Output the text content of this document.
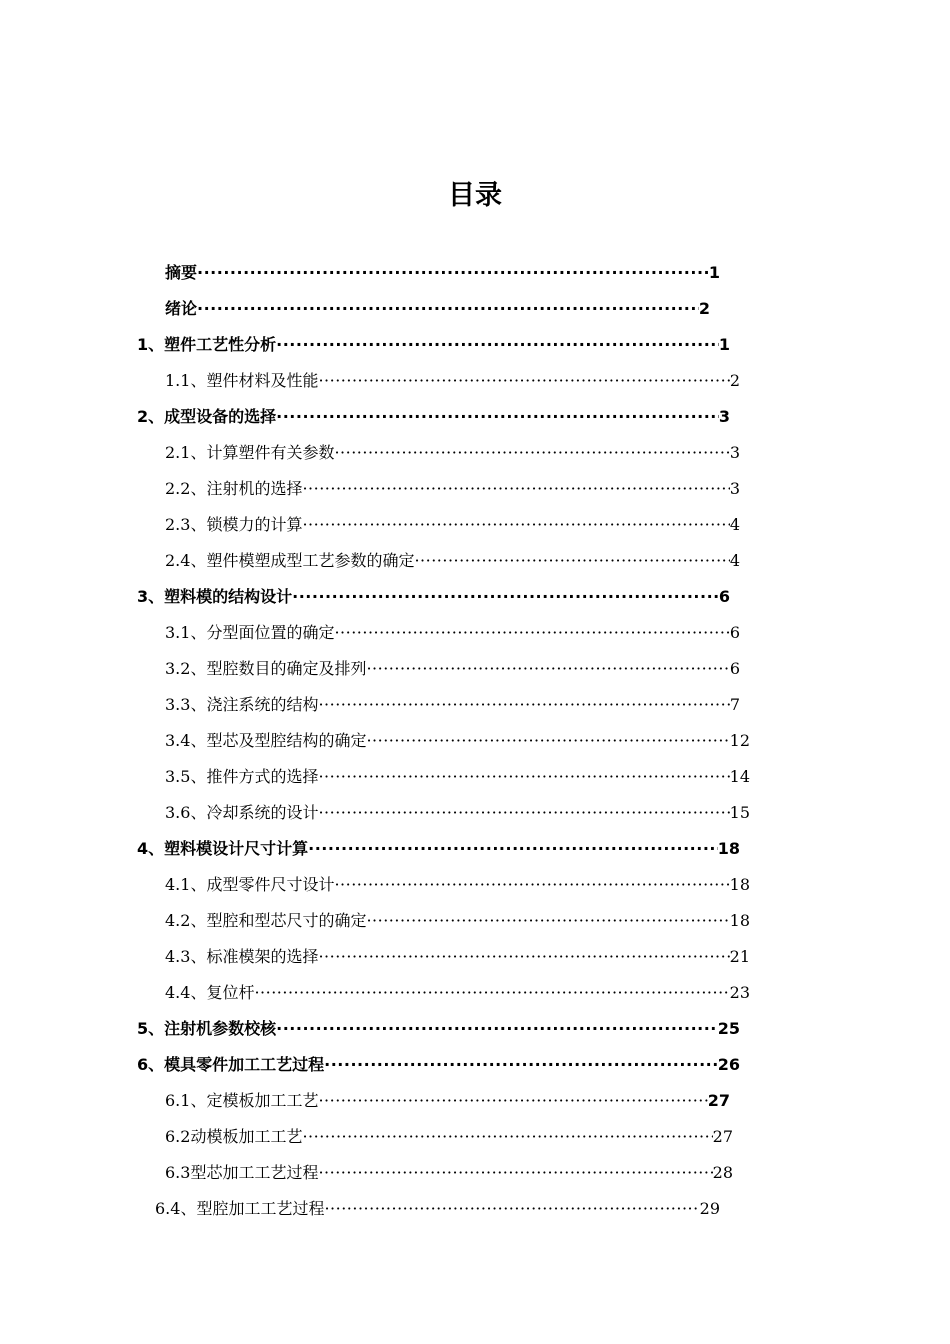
目录
摘要 ·····	1
绪论 ·····	2
1、塑件工艺性分析 ·····	1
1.1、塑件材料及性能 ·····	2
2、成型设备的选择 ·····	3
2.1、计算塑件有关参数 ·····	3
2.2、注射机的选择 ·····	3
2.3、锁模力的计算 ·····	4
2.4、塑件模塑成型工艺参数的确定 ·····	4
3、塑料模的结构设计 ·····	6
3.1、分型面位置的确定 ·····	6
3.2、型腔数目的确定及排列 ·····	6
3.3、浇注系统的结构 ·····	7
3.4、型芯及型腔结构的确定 ·····	12
3.5、推件方式的选择 ·····	14
3.6、冷却系统的设计 ·····	15
4、塑料模设计尺寸计算 ·····	18
4.1、成型零件尺寸设计 ·····	18
4.2、型腔和型芯尺寸的确定 ·····	18
4.3、标准模架的选择 ·····	21
4.4、复位杆 ·····	23
5、注射机参数校核 ·····	25
6、模具零件加工工艺过程 ·····	26
6.1、定模板加工工艺 ·····	27
6.2动模板加工工艺 ·····	27
6.3型芯加工工艺过程 ·····	28
6.4、型腔加工工艺过程 ·····	29
